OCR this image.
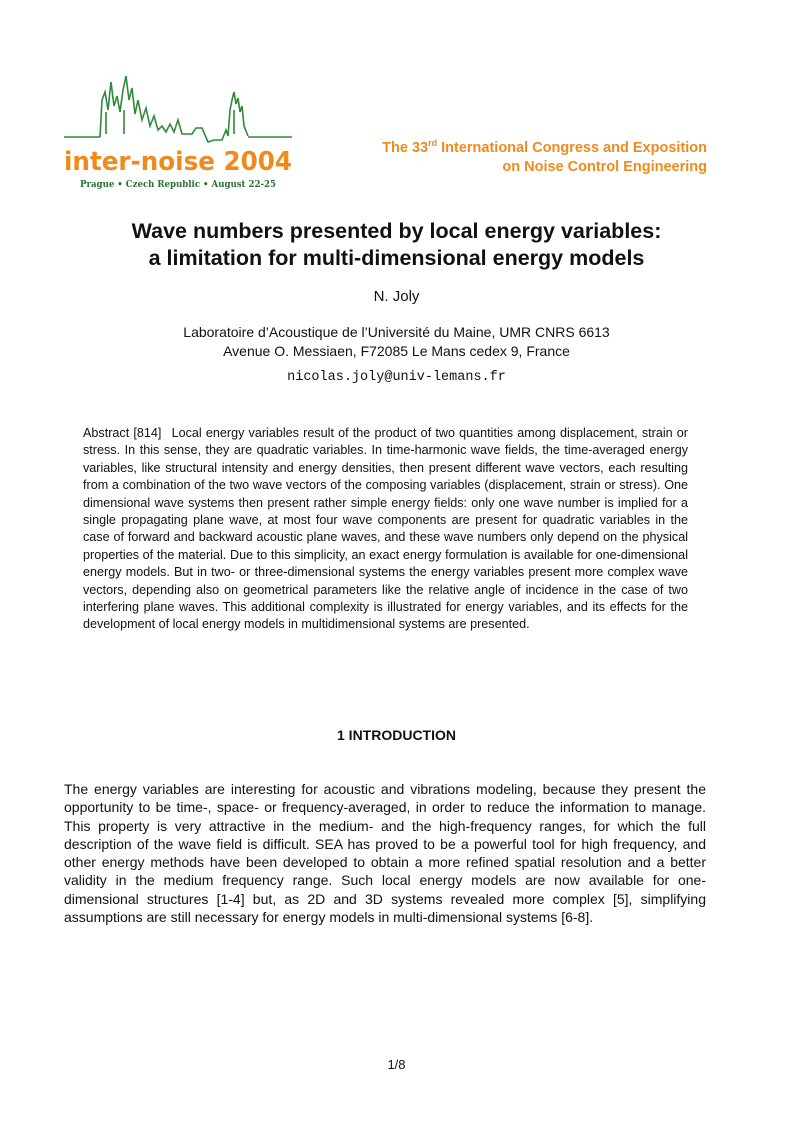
inter-noise 2004
Prague • Czech Republic • August 22-25
The 33rd International Congress and Exposition
on Noise Control Engineering
Wave numbers presented by local energy variables:
a limitation for multi-dimensional energy models
N. Joly
Laboratoire d’Acoustique de l’Université du Maine, UMR CNRS 6613
Avenue O. Messiaen, F72085 Le Mans cedex 9, France
nicolas.joly@univ-lemans.fr
Abstract [814] Local energy variables result of the product of two quantities among displacement, strain or stress. In this sense, they are quadratic variables. In time-harmonic wave fields, the time-averaged energy variables, like structural intensity and energy densities, then present different wave vectors, each resulting from a combination of the two wave vectors of the composing variables (displacement, strain or stress). One dimensional wave systems then present rather simple energy fields: only one wave number is implied for a single propagating plane wave, at most four wave components are present for quadratic variables in the case of forward and backward acoustic plane waves, and these wave numbers only depend on the physical properties of the material. Due to this simplicity, an exact energy formulation is available for one-dimensional energy models. But in two- or three-dimensional systems the energy variables present more complex wave vectors, depending also on geometrical parameters like the relative angle of incidence in the case of two interfering plane waves. This additional complexity is illustrated for energy variables, and its effects for the development of local energy models in multidimensional systems are presented.
1 INTRODUCTION
The energy variables are interesting for acoustic and vibrations modeling, because they present the opportunity to be time-, space- or frequency-averaged, in order to reduce the information to manage. This property is very attractive in the medium- and the high-frequency ranges, for which the full description of the wave field is difficult. SEA has proved to be a powerful tool for high frequency, and other energy methods have been developed to obtain a more refined spatial resolution and a better validity in the medium frequency range. Such local energy models are now available for one-dimensional structures [1-4] but, as 2D and 3D systems revealed more complex [5], simplifying assumptions are still necessary for energy models in multi-dimensional systems [6-8].
1/8
